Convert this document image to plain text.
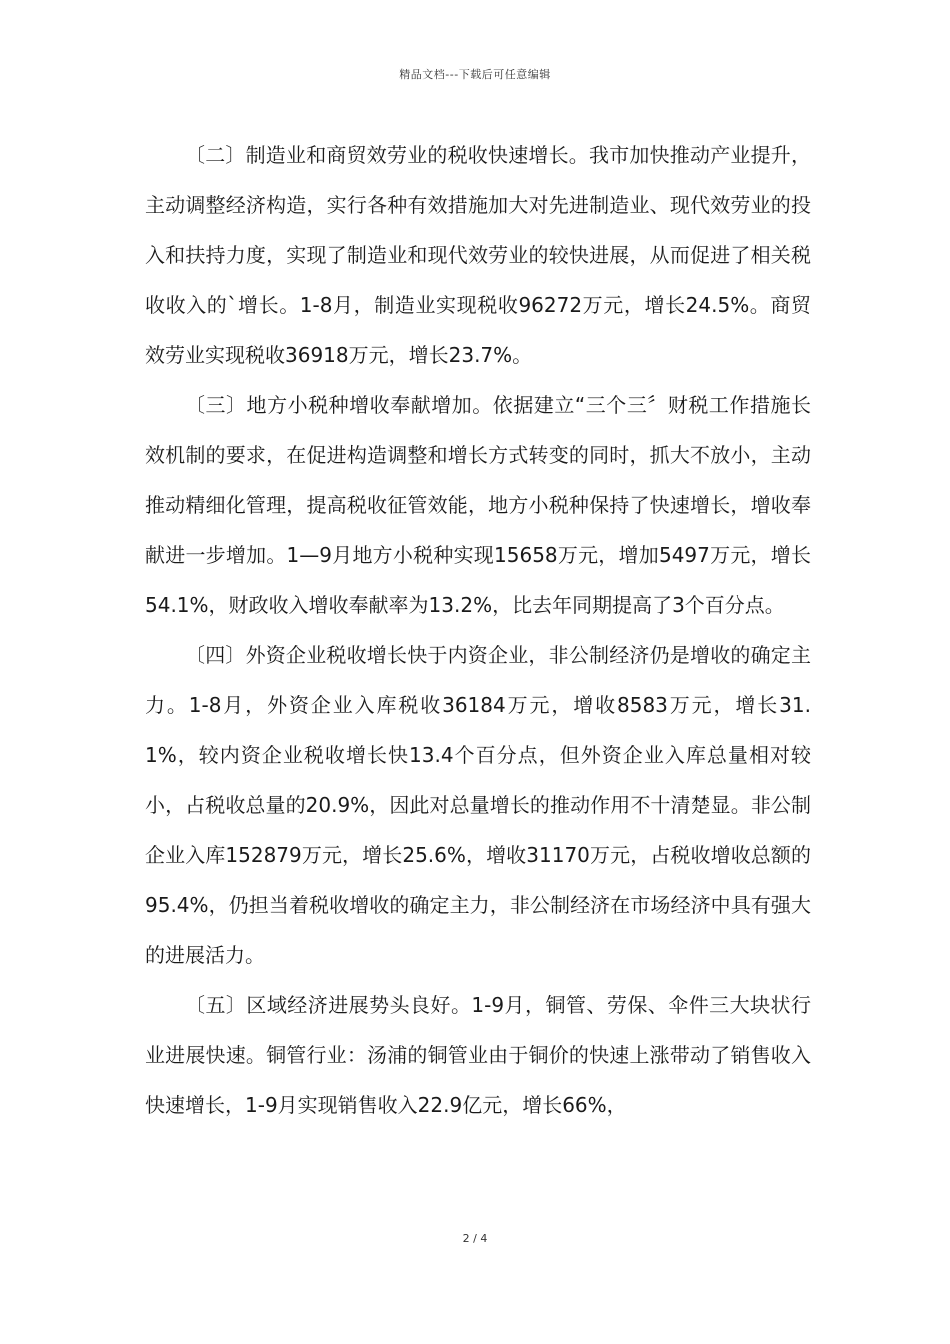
精品文档---下载后可任意编辑

〔二〕制造业和商贸效劳业的税收快速增长。我市加快推动产业提升，主动调整经济构造，实行各种有效措施加大对先进制造业、现代效劳业的投入和扶持力度，实现了制造业和现代效劳业的较快进展，从而促进了相关税收收入的`增长。1-8月，制造业实现税收96272万元，增长24.5%。商贸效劳业实现税收36918万元，增长23.7%。

〔三〕地方小税种增收奉献增加。依据建立“三个三〞财税工作措施长效机制的要求，在促进构造调整和增长方式转变的同时，抓大不放小，主动推动精细化管理，提高税收征管效能，地方小税种保持了快速增长，增收奉献进一步增加。1—9月地方小税种实现15658万元，增加5497万元，增长54.1%，财政收入增收奉献率为13.2%，比去年同期提高了3个百分点。

〔四〕外资企业税收增长快于内资企业，非公制经济仍是增收的确定主力。1-8月，外资企业入库税收36184万元，增收8583万元，增长31.1%，较内资企业税收增长快13.4个百分点，但外资企业入库总量相对较小，占税收总量的20.9%，因此对总量增长的推动作用不十清楚显。非公制企业入库152879万元，增长25.6%，增收31170万元，占税收增收总额的95.4%，仍担当着税收增收的确定主力，非公制经济在市场经济中具有强大的进展活力。

〔五〕区域经济进展势头良好。1-9月，铜管、劳保、伞件三大块状行业进展快速。铜管行业：汤浦的铜管业由于铜价的快速上涨带动了销售收入快速增长，1-9月实现销售收入22.9亿元，增长66%，

2 / 4
